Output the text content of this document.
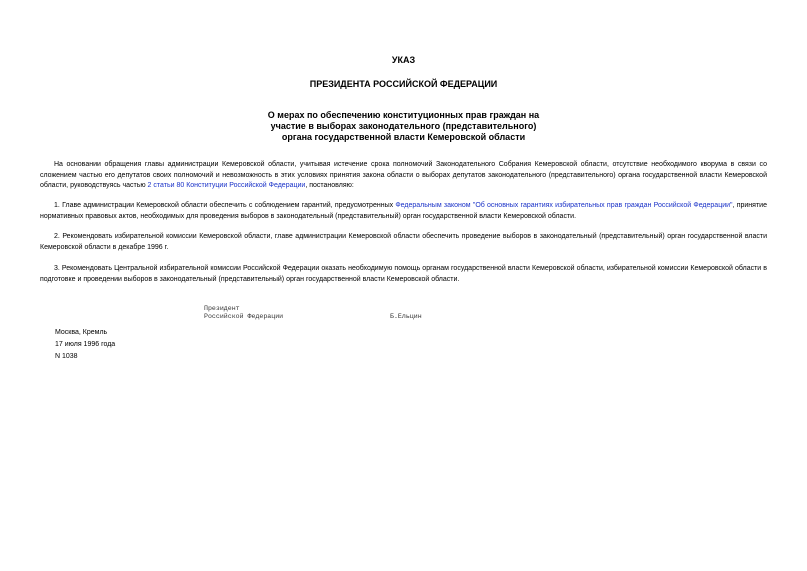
УКАЗ
ПРЕЗИДЕНТА РОССИЙСКОЙ ФЕДЕРАЦИИ
О мерах по обеспечению конституционных прав граждан на
участие в выборах законодательного (представительного)
органа государственной власти Кемеровской области
На основании обращения главы администрации Кемеровской области, учитывая истечение срока полномочий Законодательного Собрания Кемеровской области, отсутствие необходимого кворума в связи со сложением частью его депутатов своих полномочий и невозможность в этих условиях принятия закона области о выборах депутатов законодательного (представительного) органа государственной власти Кемеровской области, руководствуясь частью 2 статьи 80 Конституции Российской Федерации, постановляю:
1. Главе администрации Кемеровской области обеспечить с соблюдением гарантий, предусмотренных Федеральным законом "Об основных гарантиях избирательных прав граждан Российской Федерации", принятие нормативных правовых актов, необходимых для проведения выборов в законодательный (представительный) орган государственной власти Кемеровской области.
2. Рекомендовать избирательной комиссии Кемеровской области, главе администрации Кемеровской области обеспечить проведение выборов в законодательный (представительный) орган государственной власти Кемеровской области в декабре 1996 г.
3. Рекомендовать Центральной избирательной комиссии Российской Федерации оказать необходимую помощь органам государственной власти Кемеровской области, избирательной комиссии Кемеровской области в подготовке и проведении выборов в законодательный (представительный) орган государственной власти Кемеровской области.
Президент
Российской Федерации	Б.Ельцин
Москва, Кремль
17 июля 1996 года
N 1038
